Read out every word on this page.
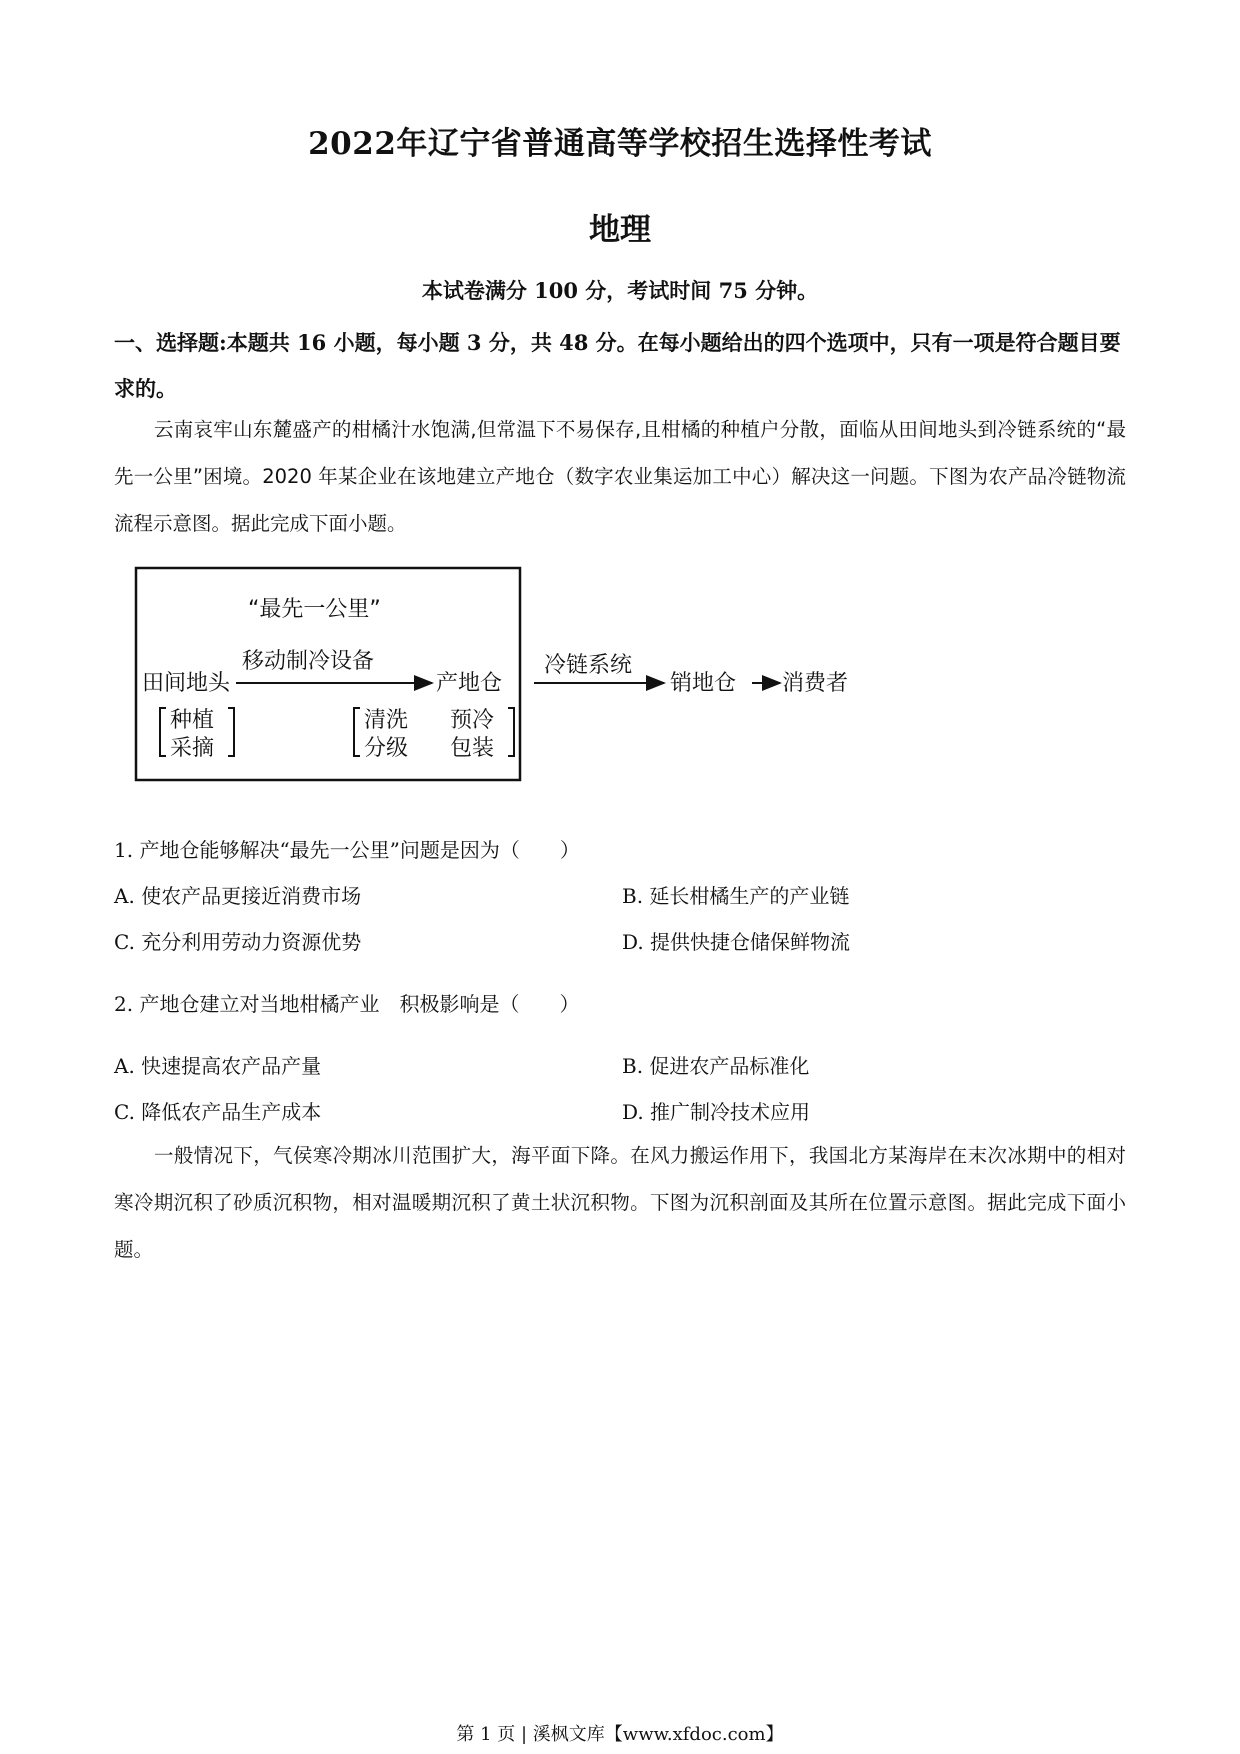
2022年辽宁省普通高等学校招生选择性考试
地理
本试卷满分 100 分，考试时间 75 分钟。
一、选择题:本题共 16 小题，每小题 3 分，共 48 分。在每小题给出的四个选项中，只有一项是符合题目要求的。
云南哀牢山东麓盛产的柑橘汁水饱满,但常温下不易保存,且柑橘的种植户分散，面临从田间地头到冷链系统的“最先一公里”困境。2020 年某企业在该地建立产地仓（数字农业集运加工中心）解决这一问题。下图为农产品冷链物流流程示意图。据此完成下面小题。
“最先一公里”
田间地头
移动制冷设备
产地仓
种植
采摘
清洗 预冷
分级 包装
冷链系统
销地仓 消费者
1. 产地仓能够解决“最先一公里”问题是因为（　　）
A. 使农产品更接近消费市场	B. 延长柑橘生产的产业链
C. 充分利用劳动力资源优势	D. 提供快捷仓储保鲜物流
2. 产地仓建立对当地柑橘产业　积极影响是（　　）
A. 快速提高农产品产量	B. 促进农产品标准化
C. 降低农产品生产成本	D. 推广制冷技术应用
一般情况下，气侯寒冷期冰川范围扩大，海平面下降。在风力搬运作用下，我国北方某海岸在末次冰期中的相对寒冷期沉积了砂质沉积物，相对温暖期沉积了黄土状沉积物。下图为沉积剖面及其所在位置示意图。据此完成下面小题。
第 1 页 | 溪枫文库【www.xfdoc.com】
